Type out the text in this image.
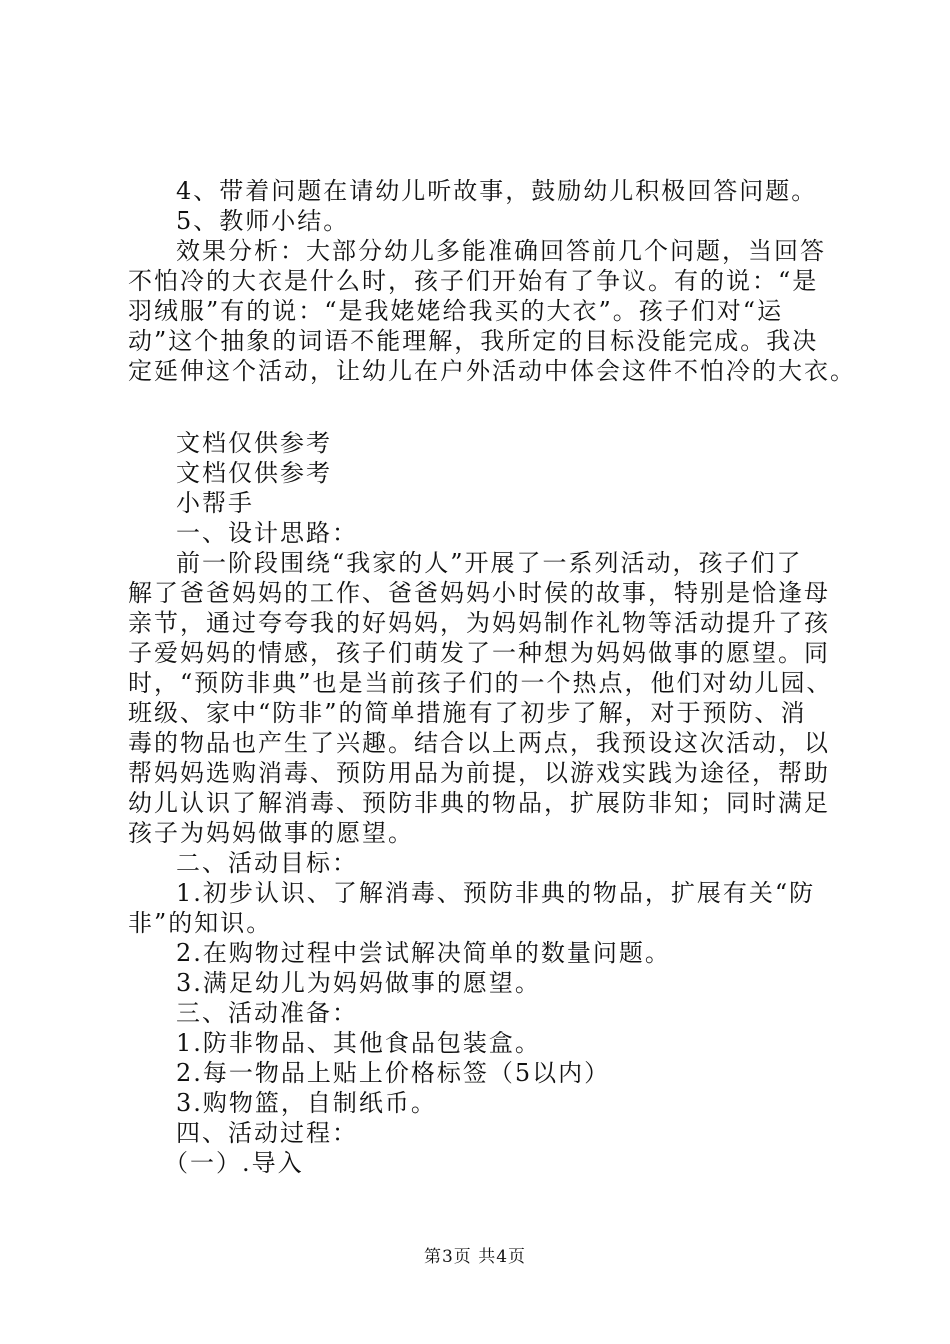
4、带着问题在请幼儿听故事，鼓励幼儿积极回答问题。

5、教师小结。

效果分析：大部分幼儿多能准确回答前几个问题，当回答

不怕冷的大衣是什么时，孩子们开始有了争议。有的说：“是

羽绒服”有的说：“是我姥姥给我买的大衣”。孩子们对“运

动”这个抽象的词语不能理解，我所定的目标没能完成。我决

定延伸这个活动，让幼儿在户外活动中体会这件不怕冷的大衣。

文档仅供参考

文档仅供参考

小帮手

一、设计思路：

前一阶段围绕“我家的人”开展了一系列活动，孩子们了

解了爸爸妈妈的工作、爸爸妈妈小时侯的故事，特别是恰逢母

亲节，通过夸夸我的好妈妈，为妈妈制作礼物等活动提升了孩

子爱妈妈的情感，孩子们萌发了一种想为妈妈做事的愿望。同

时，“预防非典”也是当前孩子们的一个热点，他们对幼儿园、

班级、家中“防非”的简单措施有了初步了解，对于预防、消

毒的物品也产生了兴趣。结合以上两点，我预设这次活动，以

帮妈妈选购消毒、预防用品为前提，以游戏实践为途径，帮助

幼儿认识了解消毒、预防非典的物品，扩展防非知；同时满足

孩子为妈妈做事的愿望。

二、活动目标：

1.初步认识、了解消毒、预防非典的物品，扩展有关“防

非”的知识。

2.在购物过程中尝试解决简单的数量问题。

3.满足幼儿为妈妈做事的愿望。

三、活动准备：

1.防非物品、其他食品包装盒。

2.每一物品上贴上价格标签（5以内）

3.购物篮，自制纸币。

四、活动过程：

（一）.导入

第3页 共4页
